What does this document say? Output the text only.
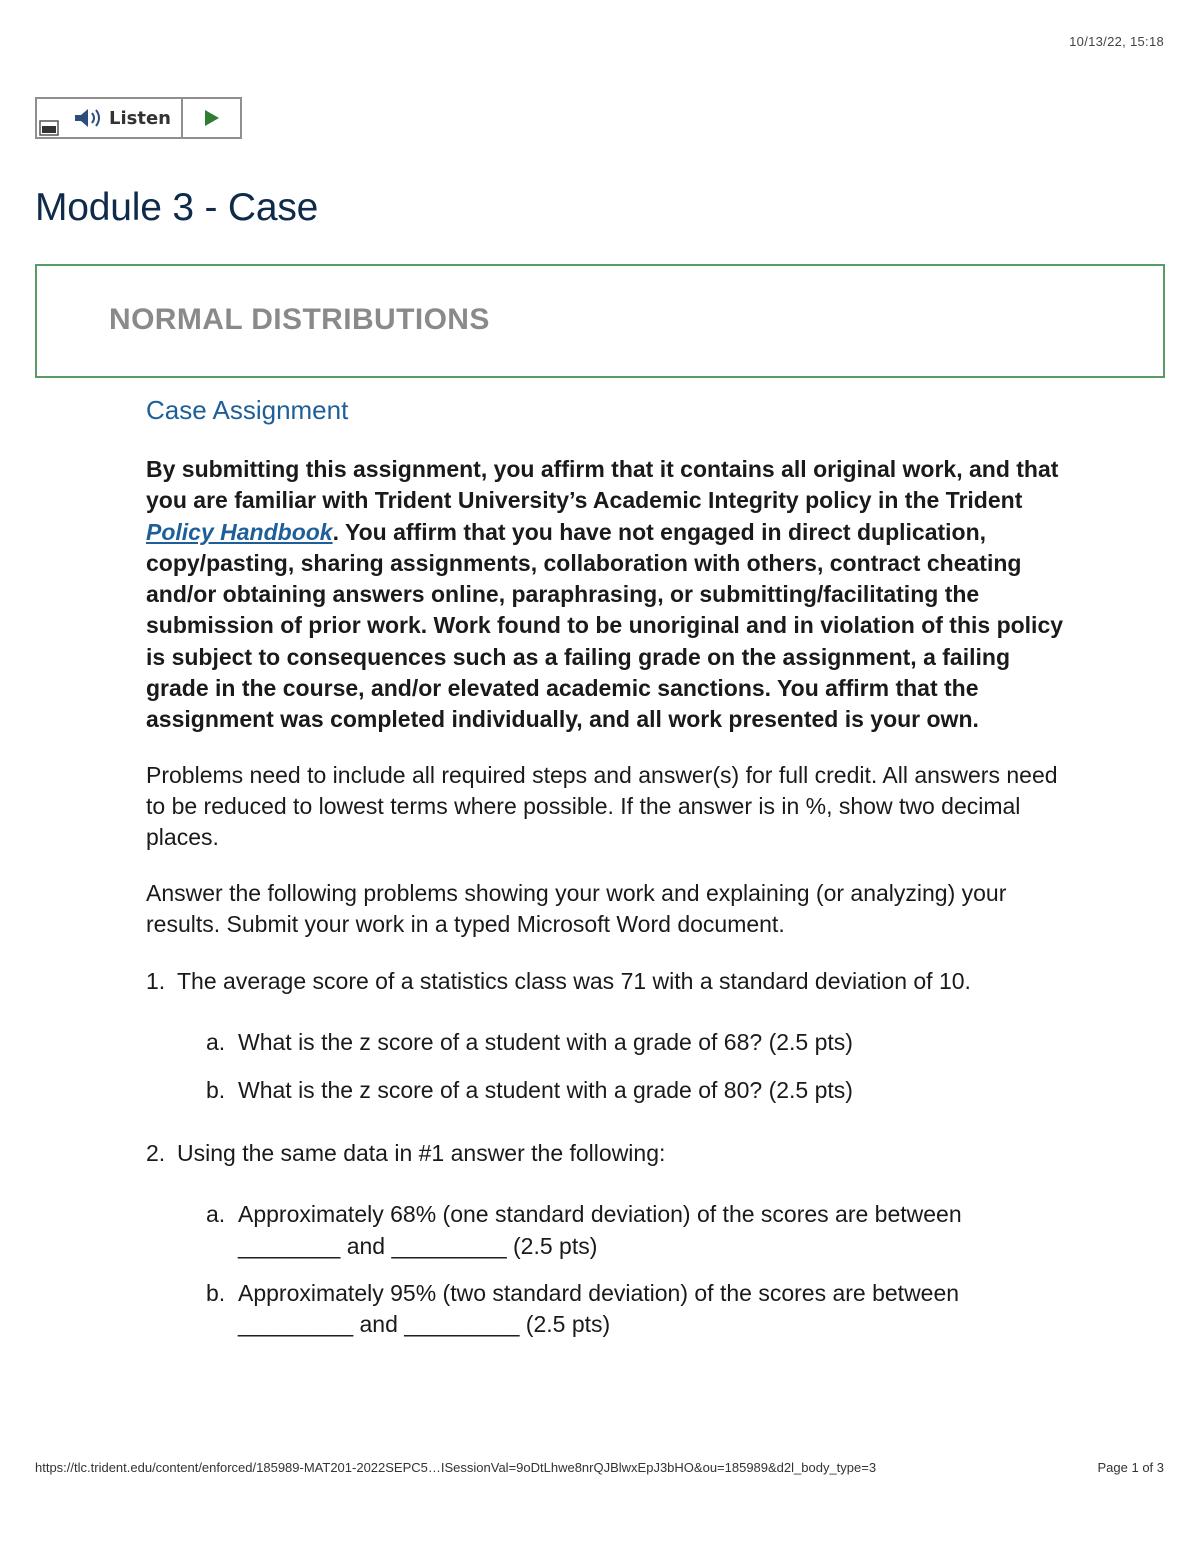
10/13/22, 15:18
Listen
Module 3 - Case
NORMAL DISTRIBUTIONS
Case Assignment

By submitting this assignment, you affirm that it contains all original work, and that you are familiar with Trident University’s Academic Integrity policy in the Trident Policy Handbook. You affirm that you have not engaged in direct duplication, copy/pasting, sharing assignments, collaboration with others, contract cheating and/or obtaining answers online, paraphrasing, or submitting/facilitating the submission of prior work. Work found to be unoriginal and in violation of this policy is subject to consequences such as a failing grade on the assignment, a failing grade in the course, and/or elevated academic sanctions. You affirm that the assignment was completed individually, and all work presented is your own.

Problems need to include all required steps and answer(s) for full credit. All answers need to be reduced to lowest terms where possible. If the answer is in %, show two decimal places.

Answer the following problems showing your work and explaining (or analyzing) your results. Submit your work in a typed Microsoft Word document.

1. The average score of a statistics class was 71 with a standard deviation of 10.
a. What is the z score of a student with a grade of 68? (2.5 pts)
b. What is the z score of a student with a grade of 80? (2.5 pts)
2. Using the same data in #1 answer the following:
a. Approximately 68% (one standard deviation) of the scores are between ________ and _________ (2.5 pts)
b. Approximately 95% (two standard deviation) of the scores are between _________ and _________ (2.5 pts)
https://tlc.trident.edu/content/enforced/185989-MAT201-2022SEPC5…ISessionVal=9oDtLhwe8nrQJBlwxEpJ3bHO&ou=185989&d2l_body_type=3	Page 1 of 3
